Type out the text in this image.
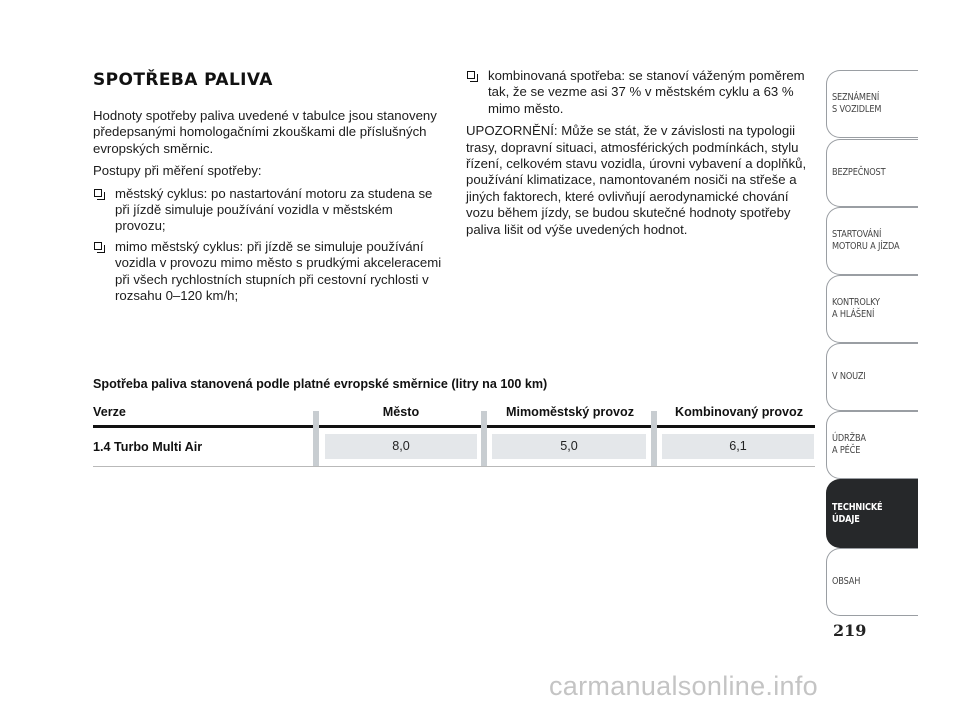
SPOTŘEBA PALIVA

Hodnoty spotřeby paliva uvedené v tabulce jsou stanoveny předepsanými homologačními zkouškami dle příslušných evropských směrnic.

Postupy při měření spotřeby:

městský cyklus: po nastartování motoru za studena se při jízdě simuluje používání vozidla v městském provozu;
mimo městský cyklus: při jízdě se simuluje používání vozidla v provozu mimo město s prudkými akceleracemi při všech rychlostních stupních při cestovní rychlosti v rozsahu 0–120 km/h;
kombinovaná spotřeba: se stanoví váženým poměrem tak, že se vezme asi 37 % v městském cyklu a 63 % mimo město.

UPOZORNĚNÍ: Může se stát, že v závislosti na typologii trasy, dopravní situaci, atmosférických podmínkách, stylu řízení, celkovém stavu vozidla, úrovni vybavení a doplňků, používání klimatizace, namontovaném nosiči na střeše a jiných faktorech, které ovlivňují aerodynamické chování vozu během jízdy, se budou skutečné hodnoty spotřeby paliva lišit od výše uvedených hodnot.

Spotřeba paliva stanovená podle platné evropské směrnice (litry na 100 km)
Verze	Město	Mimoměstský provoz	Kombinovaný provoz
1.4 Turbo Multi Air	8,0	5,0	6,1
SEZNÁMENÍ
S VOZIDLEM
BEZPEČNOST
STARTOVÁNÍ
MOTORU A JÍZDA
KONTROLKY
A HLÁŠENÍ
V NOUZI
ÚDRŽBA
A PÉČE
TECHNICKÉ
ÚDAJE
OBSAH
219
carmanualsonline.info
